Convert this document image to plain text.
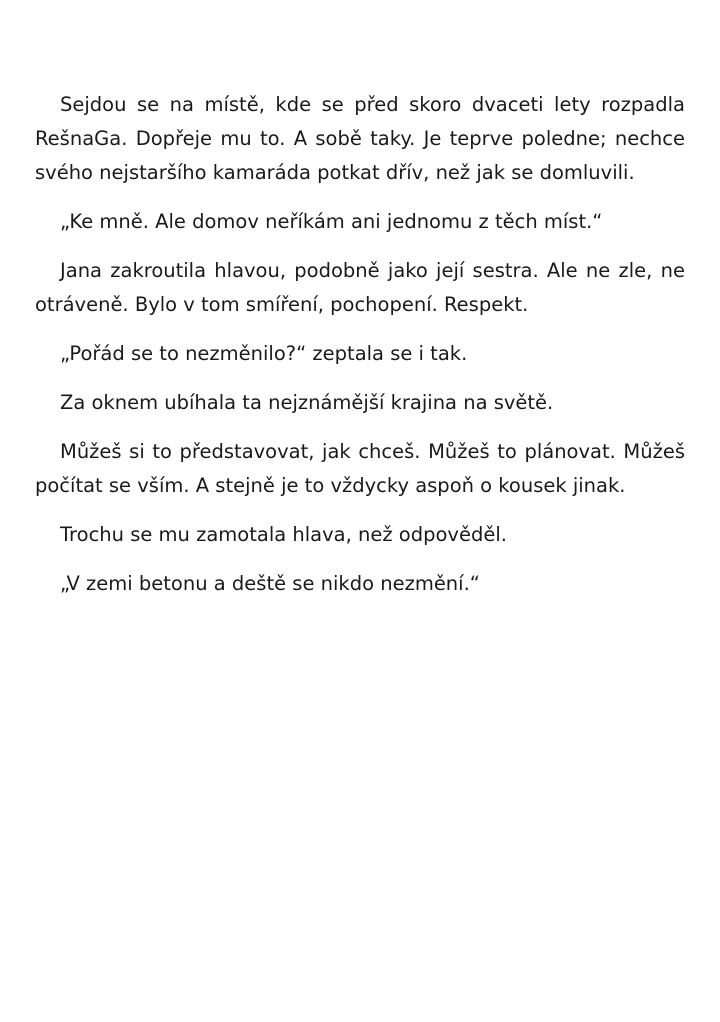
Sejdou se na místě, kde se před skoro dvaceti lety rozpadla RešnaGa. Dopřeje mu to. A sobě taky. Je teprve poledne; nechce svého nejstaršího kamaráda potkat dřív, než jak se domluvili.

„Ke mně. Ale domov neříkám ani jednomu z těch míst.“

Jana zakroutila hlavou, podobně jako její sestra. Ale ne zle, ne otráveně. Bylo v tom smíření, pochopení. Respekt.

„Pořád se to nezměnilo?“ zeptala se i tak.

Za oknem ubíhala ta nejznámější krajina na světě.

Můžeš si to představovat, jak chceš. Můžeš to plánovat. Můžeš počítat se vším. A stejně je to vždycky aspoň o kousek jinak.

Trochu se mu zamotala hlava, než odpověděl.

„V zemi betonu a deště se nikdo nezmění.“
